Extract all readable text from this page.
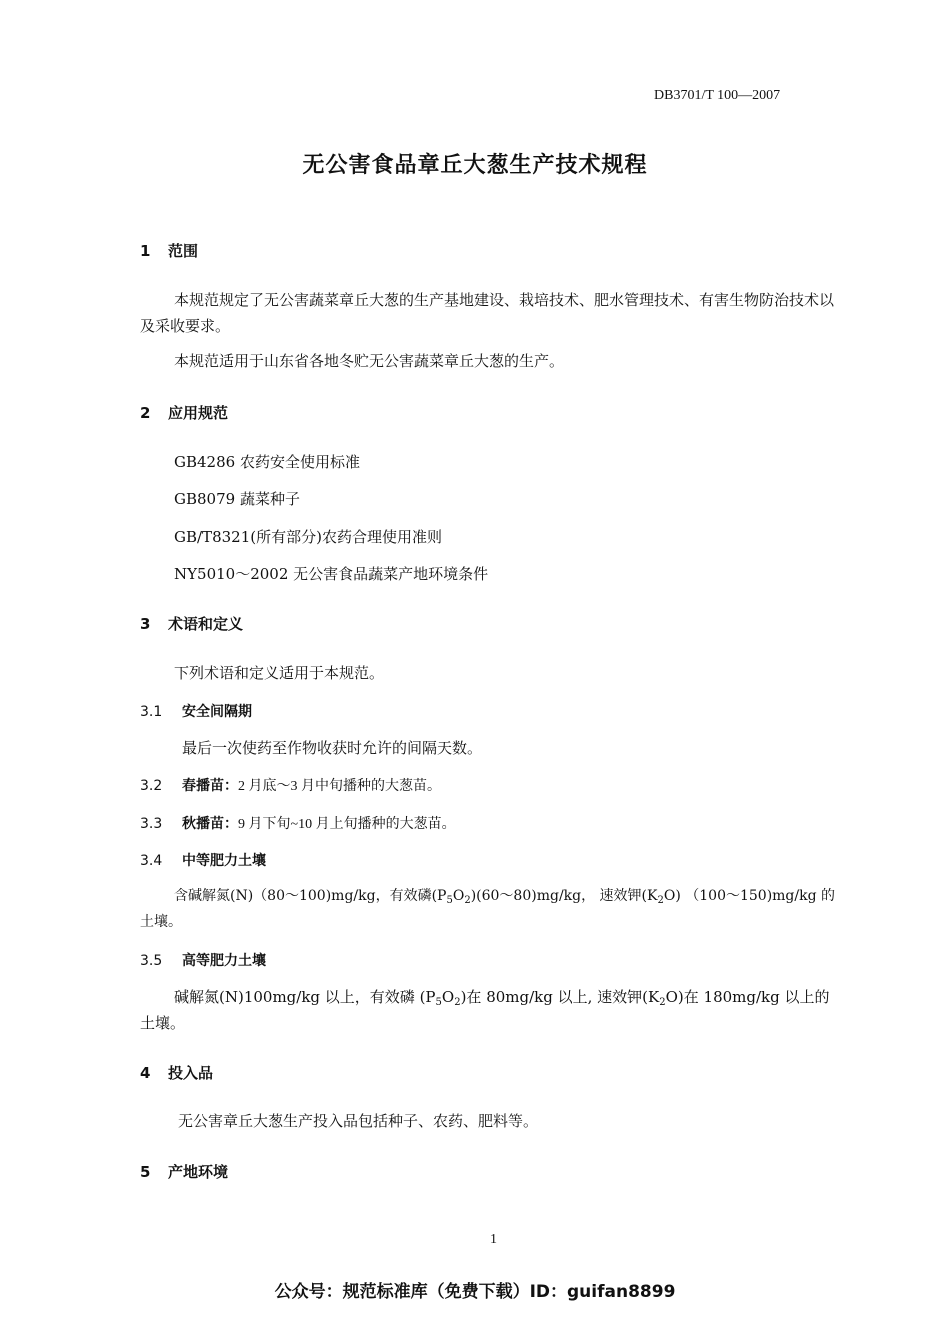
DB3701/T 100—2007
无公害食品章丘大葱生产技术规程
1 范围
本规范规定了无公害蔬菜章丘大葱的生产基地建设、栽培技术、肥水管理技术、有害生物防治技术以及采收要求。
本规范适用于山东省各地冬贮无公害蔬菜章丘大葱的生产。
2 应用规范
GB4286 农药安全使用标准
GB8079 蔬菜种子
GB/T8321(所有部分)农药合理使用准则
NY5010～2002 无公害食品蔬菜产地环境条件
3 术语和定义
下列术语和定义适用于本规范。
3.1 安全间隔期
最后一次使药至作物收获时允许的间隔天数。
3.2 春播苗：2 月底～3 月中旬播种的大葱苗。
3.3 秋播苗：9 月下旬~10 月上旬播种的大葱苗。
3.4 中等肥力土壤
含碱解氮(N)（80～100)mg/kg，有效磷$(P_5O_2)(60\sim 80)mg/kg$， 速效钾$(K_2O)$ （100～150)mg/kg 的土壤。
3.5 高等肥力土壤
碱解氮(N)100mg/kg 以上，有效磷 $(P_5O_2)$在 80mg/kg 以上, 速效钾$(K_2O)$在 180mg/kg 以上的土壤。
4 投入品
无公害章丘大葱生产投入品包括种子、农药、肥料等。
5 产地环境
1
公众号：规范标准库（免费下载）ID：guifan8899
